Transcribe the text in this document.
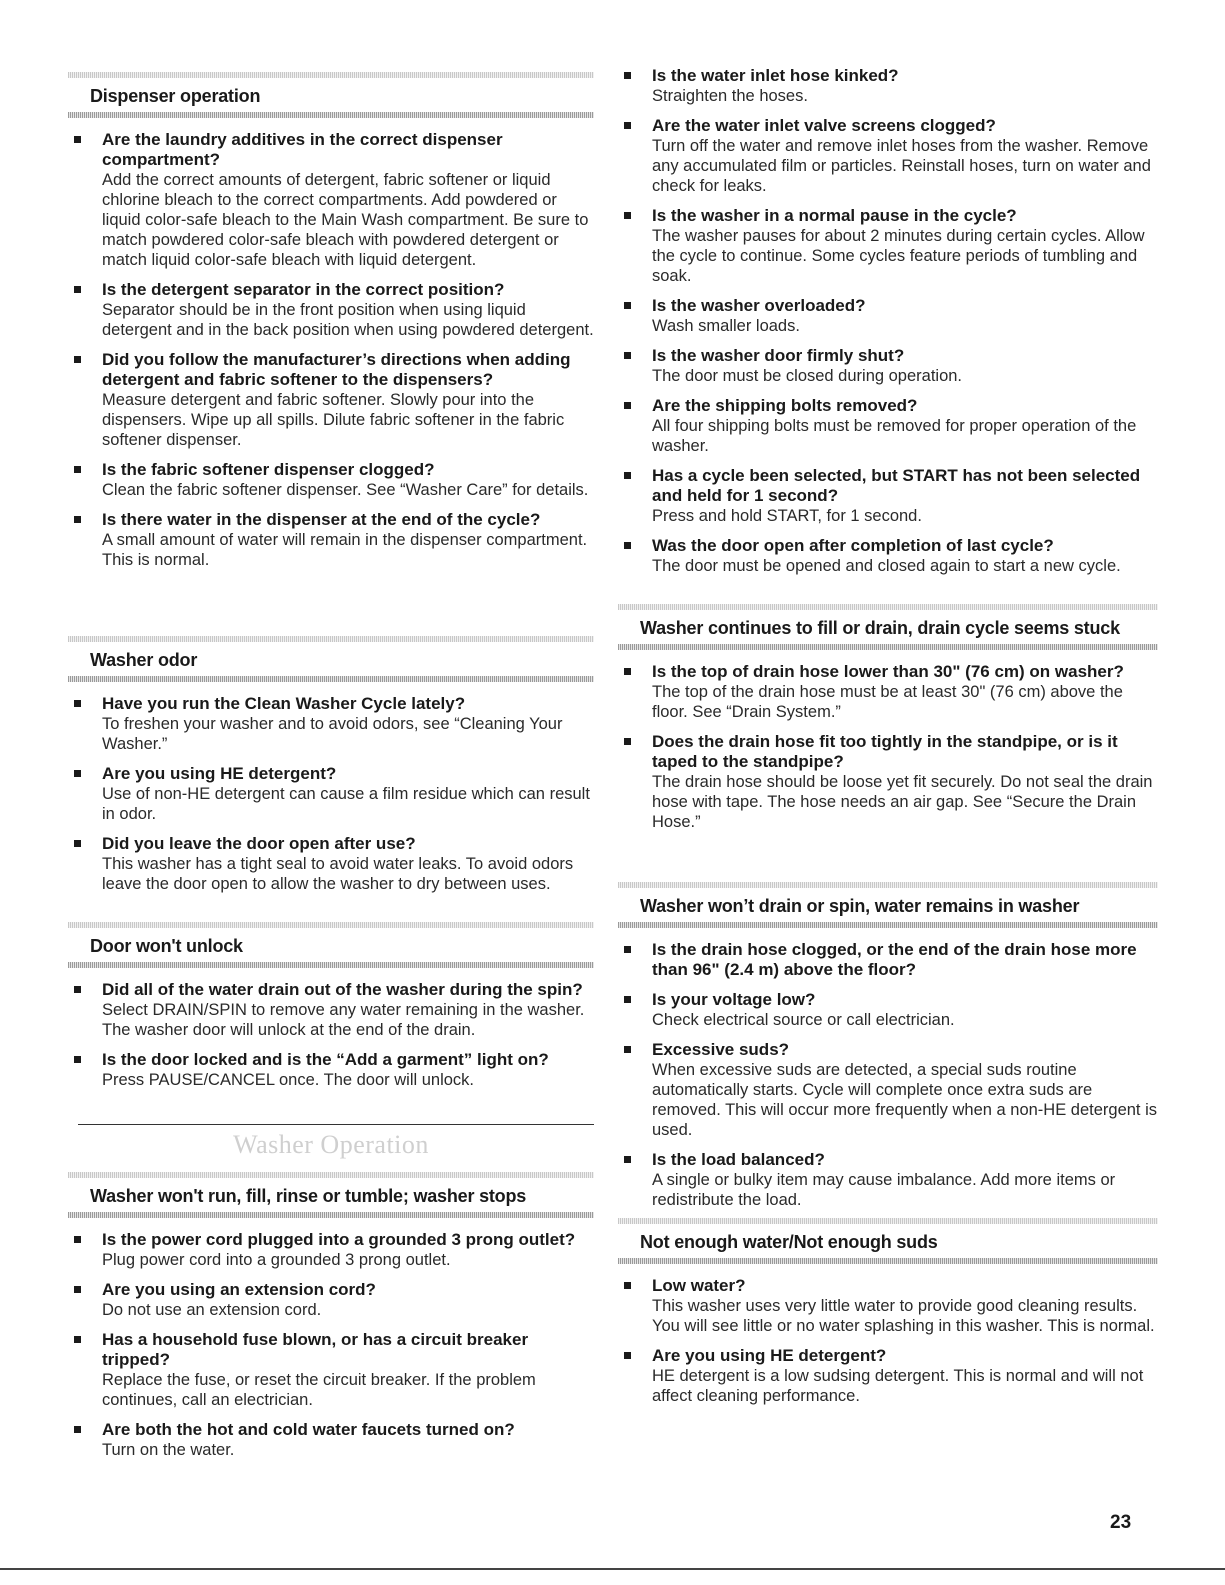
Dispenser operation
Are the laundry additives in the correct dispenser compartment?
Add the correct amounts of detergent, fabric softener or liquid chlorine bleach to the correct compartments. Add powdered or liquid color-safe bleach to the Main Wash compartment. Be sure to match powdered color-safe bleach with powdered detergent or match liquid color-safe bleach with liquid detergent.
Is the detergent separator in the correct position?
Separator should be in the front position when using liquid detergent and in the back position when using powdered detergent.
Did you follow the manufacturer’s directions when adding detergent and fabric softener to the dispensers?
Measure detergent and fabric softener. Slowly pour into the dispensers. Wipe up all spills. Dilute fabric softener in the fabric softener dispenser.
Is the fabric softener dispenser clogged?
Clean the fabric softener dispenser. See “Washer Care” for details.
Is there water in the dispenser at the end of the cycle?
A small amount of water will remain in the dispenser compartment. This is normal.
Washer odor
Have you run the Clean Washer Cycle lately?
To freshen your washer and to avoid odors, see “Cleaning Your Washer.”
Are you using HE detergent?
Use of non-HE detergent can cause a film residue which can result in odor.
Did you leave the door open after use?
This washer has a tight seal to avoid water leaks. To avoid odors leave the door open to allow the washer to dry between uses.
Door won't unlock
Did all of the water drain out of the washer during the spin?
Select DRAIN/SPIN to remove any water remaining in the washer. The washer door will unlock at the end of the drain.
Is the door locked and is the “Add a garment” light on?
Press PAUSE/CANCEL once. The door will unlock.
Washer Operation
Washer won't run, fill, rinse or tumble; washer stops
Is the power cord plugged into a grounded 3 prong outlet?
Plug power cord into a grounded 3 prong outlet.
Are you using an extension cord?
Do not use an extension cord.
Has a household fuse blown, or has a circuit breaker tripped?
Replace the fuse, or reset the circuit breaker. If the problem continues, call an electrician.
Are both the hot and cold water faucets turned on?
Turn on the water.
Is the water inlet hose kinked?
Straighten the hoses.
Are the water inlet valve screens clogged?
Turn off the water and remove inlet hoses from the washer. Remove any accumulated film or particles. Reinstall hoses, turn on water and check for leaks.
Is the washer in a normal pause in the cycle?
The washer pauses for about 2 minutes during certain cycles. Allow the cycle to continue. Some cycles feature periods of tumbling and soak.
Is the washer overloaded?
Wash smaller loads.
Is the washer door firmly shut?
The door must be closed during operation.
Are the shipping bolts removed?
All four shipping bolts must be removed for proper operation of the washer.
Has a cycle been selected, but START has not been selected and held for 1 second?
Press and hold START, for 1 second.
Was the door open after completion of last cycle?
The door must be opened and closed again to start a new cycle.
Washer continues to fill or drain, drain cycle seems stuck
Is the top of drain hose lower than 30" (76 cm) on washer?
The top of the drain hose must be at least 30" (76 cm) above the floor. See “Drain System.”
Does the drain hose fit too tightly in the standpipe, or is it taped to the standpipe?
The drain hose should be loose yet fit securely. Do not seal the drain hose with tape. The hose needs an air gap. See “Secure the Drain Hose.”
Washer won’t drain or spin, water remains in washer
Is the drain hose clogged, or the end of the drain hose more than 96" (2.4 m) above the floor?
Is your voltage low?
Check electrical source or call electrician.
Excessive suds?
When excessive suds are detected, a special suds routine automatically starts. Cycle will complete once extra suds are removed. This will occur more frequently when a non-HE detergent is used.
Is the load balanced?
A single or bulky item may cause imbalance. Add more items or redistribute the load.
Not enough water/Not enough suds
Low water?
This washer uses very little water to provide good cleaning results. You will see little or no water splashing in this washer. This is normal.
Are you using HE detergent?
HE detergent is a low sudsing detergent. This is normal and will not affect cleaning performance.
23
